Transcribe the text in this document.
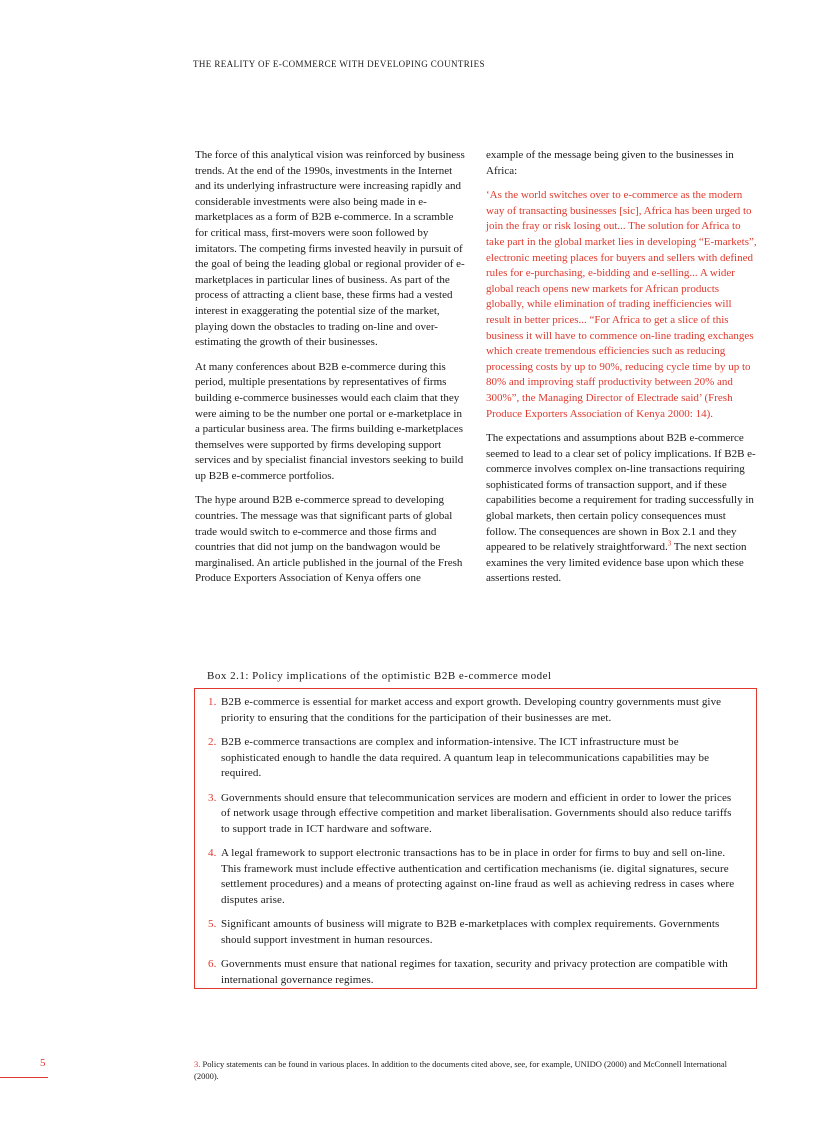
THE REALITY OF E-COMMERCE WITH DEVELOPING COUNTRIES

The force of this analytical vision was reinforced by business trends. At the end of the 1990s, investments in the Internet and its underlying infrastructure were increasing rapidly and considerable investments were also being made in e-marketplaces as a form of B2B e-commerce. In a scramble for critical mass, first-movers were soon followed by imitators. The competing firms invested heavily in pursuit of the goal of being the leading global or regional provider of e-marketplaces in particular lines of business. As part of the process of attracting a client base, these firms had a vested interest in exaggerating the potential size of the market, playing down the obstacles to trading on-line and over-estimating the growth of their businesses.

At many conferences about B2B e-commerce during this period, multiple presentations by representatives of firms building e-commerce businesses would each claim that they were aiming to be the number one portal or e-marketplace in a particular business area. The firms building e-marketplaces themselves were supported by firms developing support services and by specialist financial investors seeking to build up B2B e-commerce portfolios.

The hype around B2B e-commerce spread to developing countries. The message was that significant parts of global trade would switch to e-commerce and those firms and countries that did not jump on the bandwagon would be marginalised. An article published in the journal of the Fresh Produce Exporters Association of Kenya offers one

example of the message being given to the businesses in Africa:

‘As the world switches over to e-commerce as the modern way of transacting businesses [sic], Africa has been urged to join the fray or risk losing out... The solution for Africa to take part in the global market lies in developing “E-markets”, electronic meeting places for buyers and sellers with defined rules for e-purchasing, e-bidding and e-selling... A wider global reach opens new markets for African products globally, while elimination of trading inefficiencies will result in better prices... “For Africa to get a slice of this business it will have to commence on-line trading exchanges which create tremendous efficiencies such as reducing processing costs by up to 90%, reducing cycle time by up to 80% and improving staff productivity between 20% and 300%”, the Managing Director of Electrade said’ (Fresh Produce Exporters Association of Kenya 2000: 14).

The expectations and assumptions about B2B e-commerce seemed to lead to a clear set of policy implications. If B2B e-commerce involves complex on-line transactions requiring sophisticated forms of transaction support, and if these capabilities become a requirement for trading successfully in global markets, then certain policy consequences must follow. The consequences are shown in Box 2.1 and they appeared to be relatively straightforward.$^3$ The next section examines the very limited evidence base upon which these assertions rested.

Box 2.1: Policy implications of the optimistic B2B e-commerce model
1. B2B e-commerce is essential for market access and export growth. Developing country governments must give priority to ensuring that the conditions for the participation of their businesses are met.
2. B2B e-commerce transactions are complex and information-intensive. The ICT infrastructure must be sophisticated enough to handle the data required. A quantum leap in telecommunications capabilities may be required.
3. Governments should ensure that telecommunication services are modern and efficient in order to lower the prices of network usage through effective competition and market liberalisation. Governments should also reduce tariffs to support trade in ICT hardware and software.
4. A legal framework to support electronic transactions has to be in place in order for firms to buy and sell on-line. This framework must include effective authentication and certification mechanisms (ie. digital signatures, secure settlement procedures) and a means of protecting against on-line fraud as well as achieving redress in cases where disputes arise.
5. Significant amounts of business will migrate to B2B e-marketplaces with complex requirements. Governments should support investment in human resources.
6. Governments must ensure that national regimes for taxation, security and privacy protection are compatible with international governance regimes.
5	3. Policy statements can be found in various places. In addition to the documents cited above, see, for example, UNIDO (2000) and McConnell International (2000).
